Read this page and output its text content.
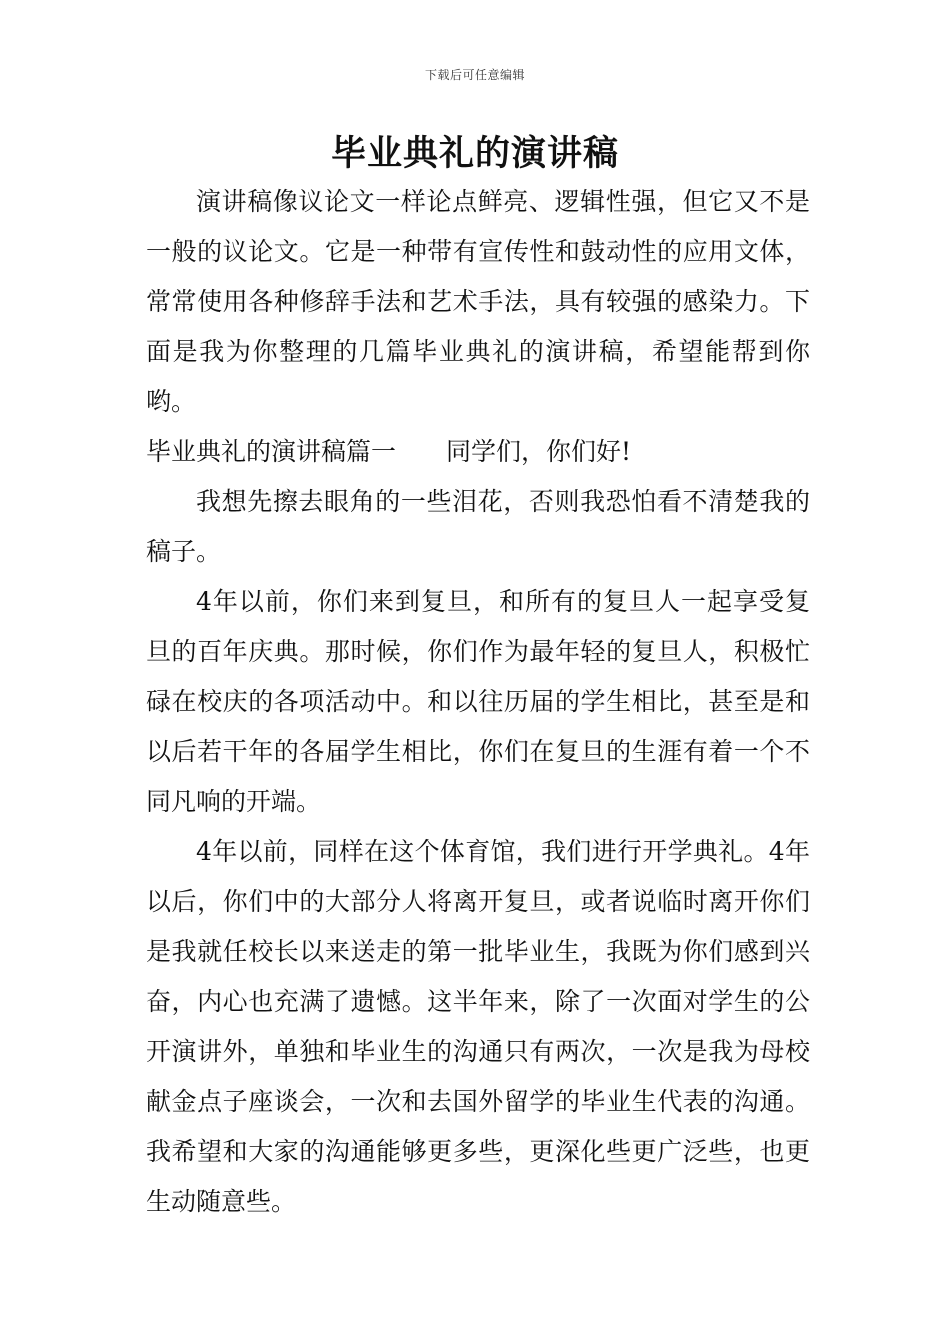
下载后可任意编辑
毕业典礼的演讲稿

演讲稿像议论文一样论点鲜亮、逻辑性强，但它又不是一般的议论文。它是一种带有宣传性和鼓动性的应用文体，常常使用各种修辞手法和艺术手法，具有较强的感染力。下面是我为你整理的几篇毕业典礼的演讲稿，希望能帮到你哟。

毕业典礼的演讲稿篇一 同学们，你们好!

我想先擦去眼角的一些泪花，否则我恐怕看不清楚我的稿子。

4年以前，你们来到复旦，和所有的复旦人一起享受复旦的百年庆典。那时候，你们作为最年轻的复旦人，积极忙碌在校庆的各项活动中。和以往历届的学生相比，甚至是和以后若干年的各届学生相比，你们在复旦的生涯有着一个不同凡响的开端。

4年以前，同样在这个体育馆，我们进行开学典礼。4年以后，你们中的大部分人将离开复旦，或者说临时离开你们是我就任校长以来送走的第一批毕业生，我既为你们感到兴奋，内心也充满了遗憾。这半年来，除了一次面对学生的公开演讲外，单独和毕业生的沟通只有两次，一次是我为母校献金点子座谈会，一次和去国外留学的毕业生代表的沟通。我希望和大家的沟通能够更多些，更深化些更广泛些，也更生动随意些。
